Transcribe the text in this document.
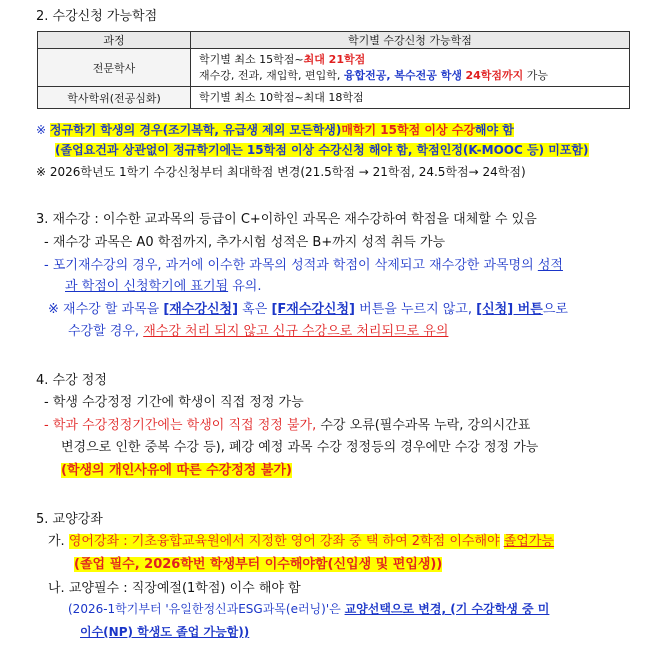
2. 수강신청 가능학점
과정	학기별 수강신청 가능학점
전문학사	학기별 최소 15학점~최대 21학점
재수강, 전과, 재입학, 편입학, 융합전공, 복수전공 학생 24학점까지 가능

학사학위(전공심화)	학기별 최소 10학점~최대 18학점
※ 정규학기 학생의 경우(조기복학, 유급생 제외 모든학생)매학기 15학점 이상 수강해야 함
(졸업요건과 상관없이 정규학기에는 15학점 이상 수강신청 해야 함, 학점인정(K-MOOC 등) 미포함)
※ 2026학년도 1학기 수강신청부터 최대학점 변경(21.5학점 → 21학점, 24.5학점→ 24학점)
3. 재수강 : 이수한 교과목의 등급이 C+이하인 과목은 재수강하여 학점을 대체할 수 있음
- 재수강 과목은 A0 학점까지, 추가시험 성적은 B+까지 성적 취득 가능
- 포기재수강의 경우, 과거에 이수한 과목의 성적과 학점이 삭제되고 재수강한 과목명의 성적
과 학점이 신청학기에 표기됨 유의.
※ 재수강 할 과목을 [재수강신청] 혹은 [F재수강신청] 버튼을 누르지 않고, [신청] 버튼으로
수강할 경우, 재수강 처리 되지 않고 신규 수강으로 처리되므로 유의
4. 수강 정정
- 학생 수강정정 기간에 학생이 직접 정정 가능
- 학과 수강정정기간에는 학생이 직접 정정 불가, 수강 오류(필수과목 누락, 강의시간표
변경으로 인한 중복 수강 등), 폐강 예정 과목 수강 정정등의 경우에만 수강 정정 가능
(학생의 개인사유에 따른 수강정정 불가)
5. 교양강좌
가. 영어강좌 : 기초융합교육원에서 지정한 영어 강좌 중 택 하여 2학점 이수해야 졸업가능
(졸업 필수, 2026학번 학생부터 이수해야함(신입생 및 편입생))
나. 교양필수 : 직장예절(1학점) 이수 해야 함
(2026-1학기부터 '유일한정신과ESG과목(e러닝)'은 교양선택으로 변경, (기 수강학생 중 미
이수(NP) 학생도 졸업 가능함))
